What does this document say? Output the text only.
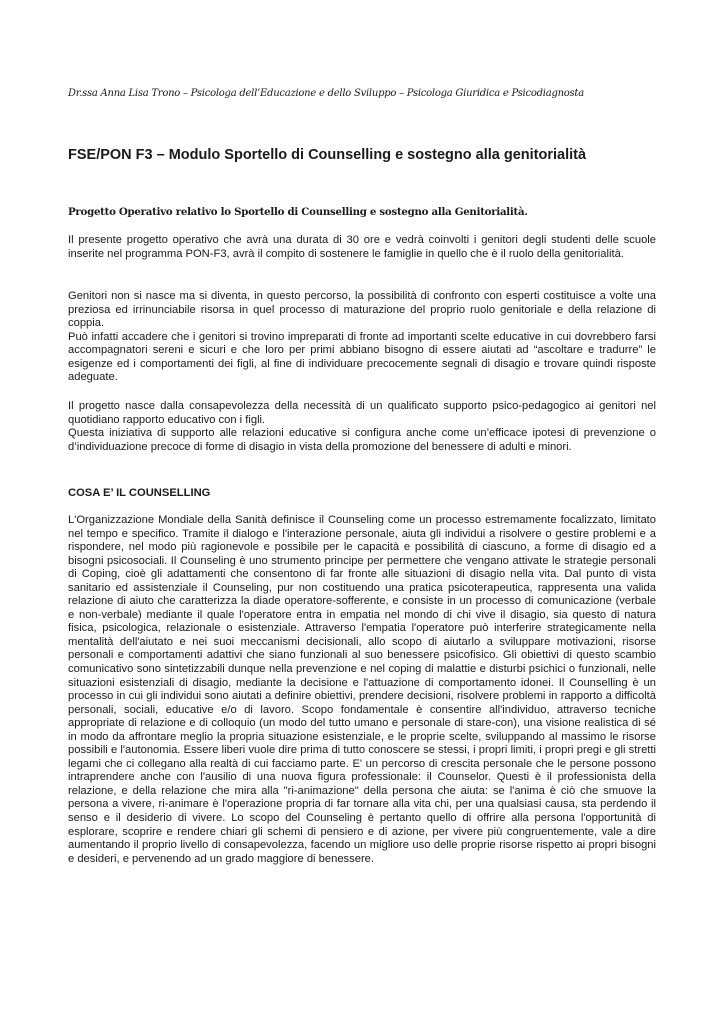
Dr.ssa Anna Lisa Trono – Psicologa dell’Educazione e dello Sviluppo – Psicologa Giuridica e Psicodiagnosta
FSE/PON F3 – Modulo Sportello di Counselling e sostegno alla genitorialità
Progetto Operativo relativo lo Sportello di Counselling e sostegno alla Genitorialità.

Il presente progetto operativo che avrà una durata di 30 ore e vedrà coinvolti i genitori degli studenti delle scuole inserite nel programma PON-F3, avrà il compito di sostenere le famiglie in quello che è il ruolo della genitorialità.

Genitori non si nasce ma si diventa, in questo percorso, la possibilità di confronto con esperti costituisce a volte una preziosa ed irrinunciabile risorsa in quel processo di maturazione del proprio ruolo genitoriale e della relazione di coppia.
Può infatti accadere che i genitori si trovino impreparati di fronte ad importanti scelte educative in cui dovrebbero farsi accompagnatori sereni e sicuri e che loro per primi abbiano bisogno di essere aiutati ad “ascoltare e tradurre” le esigenze ed i comportamenti dei figli, al fine di individuare precocemente segnali di disagio e trovare quindi risposte adeguate.
Il progetto nasce dalla consapevolezza della necessità di un qualificato supporto psico-pedagogico ai genitori nel quotidiano rapporto educativo con i figli.
Questa iniziativa di supporto alle relazioni educative si configura anche come un’efficace ipotesi di prevenzione o d’individuazione precoce di forme di disagio in vista della promozione del benessere di adulti e minori.
COSA E’ IL COUNSELLING

L'Organizzazione Mondiale della Sanità definisce il Counseling come un processo estremamente focalizzato, limitato nel tempo e specifico. Tramite il dialogo e l'interazione personale, aiuta gli individui a risolvere o gestire problemi e a rispondere, nel modo più ragionevole e possibile per le capacità e possibilità di ciascuno, a forme di disagio ed a bisogni psicosociali. Il Counseling è uno strumento principe per permettere che vengano attivate le strategie personali di Coping, cioè gli adattamenti che consentono di far fronte alle situazioni di disagio nella vita. Dal punto di vista sanitario ed assistenziale il Counseling, pur non costituendo una pratica psicoterapeutica, rappresenta una valida relazione di aiuto che caratterizza la diade operatore-sofferente, e consiste in un processo di comunicazione (verbale e non-verbale) mediante il quale l'operatore entra in empatia nel mondo di chi vive il disagio, sia questo di natura fisica, psicologica, relazionale o esistenziale. Attraverso l'empatia l'operatore può interferire strategicamente nella mentalità dell'aiutato e nei suoi meccanismi decisionali, allo scopo di aiutarlo a sviluppare motivazioni, risorse personali e comportamenti adattivi che siano funzionali al suo benessere psicofisico. Gli obiettivi di questo scambio comunicativo sono sintetizzabili dunque nella prevenzione e nel coping di malattie e disturbi psichici o funzionali, nelle situazioni esistenziali di disagio, mediante la decisione e l'attuazione di comportamento idonei. Il Counselling è un processo in cui gli individui sono aiutati a definire obiettivi, prendere decisioni, risolvere problemi in rapporto a difficoltà personali, sociali, educative e/o di lavoro. Scopo fondamentale è consentire all'individuo, attraverso tecniche appropriate di relazione e di colloquio (un modo del tutto umano e personale di stare-con), una visione realistica di sé in modo da affrontare meglio la propria situazione esistenziale, e le proprie scelte, sviluppando al massimo le risorse possibili e l'autonomia. Essere liberi vuole dire prima di tutto conoscere se stessi, i propri limiti, i propri pregi e gli stretti legami che ci collegano alla realtà di cui facciamo parte. E' un percorso di crescita personale che le persone possono intraprendere anche con l'ausilio di una nuova figura professionale: il Counselor. Questi è il professionista della relazione, e della relazione che mira alla "ri-animazione" della persona che aiuta: se l'anima è ciò che smuove la persona a vivere, ri-animare è l'operazione propria di far tornare alla vita chi, per una qualsiasi causa, sta perdendo il senso e il desiderio di vivere. Lo scopo del Counseling è pertanto quello di offrire alla persona l'opportunità di esplorare, scoprire e rendere chiari gli schemi di pensiero e di azione, per vivere più congruentemente, vale a dire aumentando il proprio livello di consapevolezza, facendo un migliore uso delle proprie risorse rispetto ai propri bisogni e desideri, e pervenendo ad un grado maggiore di benessere.
